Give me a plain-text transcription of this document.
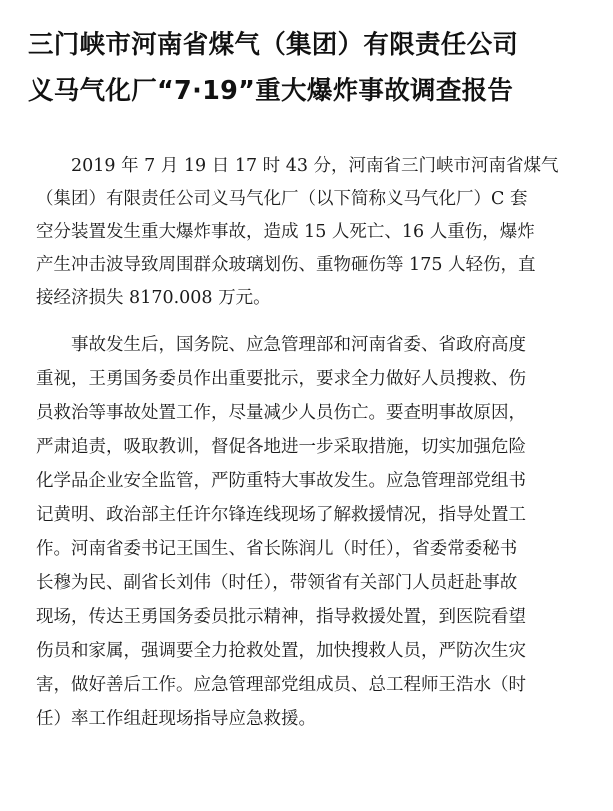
三门峡市河南省煤气（集团）有限责任公司
义马气化厂“7·19”重大爆炸事故调查报告

2019 年 7 月 19 日 17 时 43 分，河南省三门峡市河南省煤气

（集团）有限责任公司义马气化厂（以下简称义马气化厂）C 套

空分装置发生重大爆炸事故，造成 15 人死亡、16 人重伤，爆炸

产生冲击波导致周围群众玻璃划伤、重物砸伤等 175 人轻伤，直

接经济损失 8170.008 万元。

事故发生后，国务院、应急管理部和河南省委、省政府高度

重视，王勇国务委员作出重要批示，要求全力做好人员搜救、伤

员救治等事故处置工作，尽量减少人员伤亡。要查明事故原因，

严肃追责，吸取教训，督促各地进一步采取措施，切实加强危险

化学品企业安全监管，严防重特大事故发生。应急管理部党组书

记黄明、政治部主任许尔锋连线现场了解救援情况，指导处置工

作。河南省委书记王国生、省长陈润儿（时任），省委常委秘书

长穆为民、副省长刘伟（时任），带领省有关部门人员赶赴事故

现场，传达王勇国务委员批示精神，指导救援处置，到医院看望

伤员和家属，强调要全力抢救处置，加快搜救人员，严防次生灾

害，做好善后工作。应急管理部党组成员、总工程师王浩水（时

任）率工作组赶现场指导应急救援。
